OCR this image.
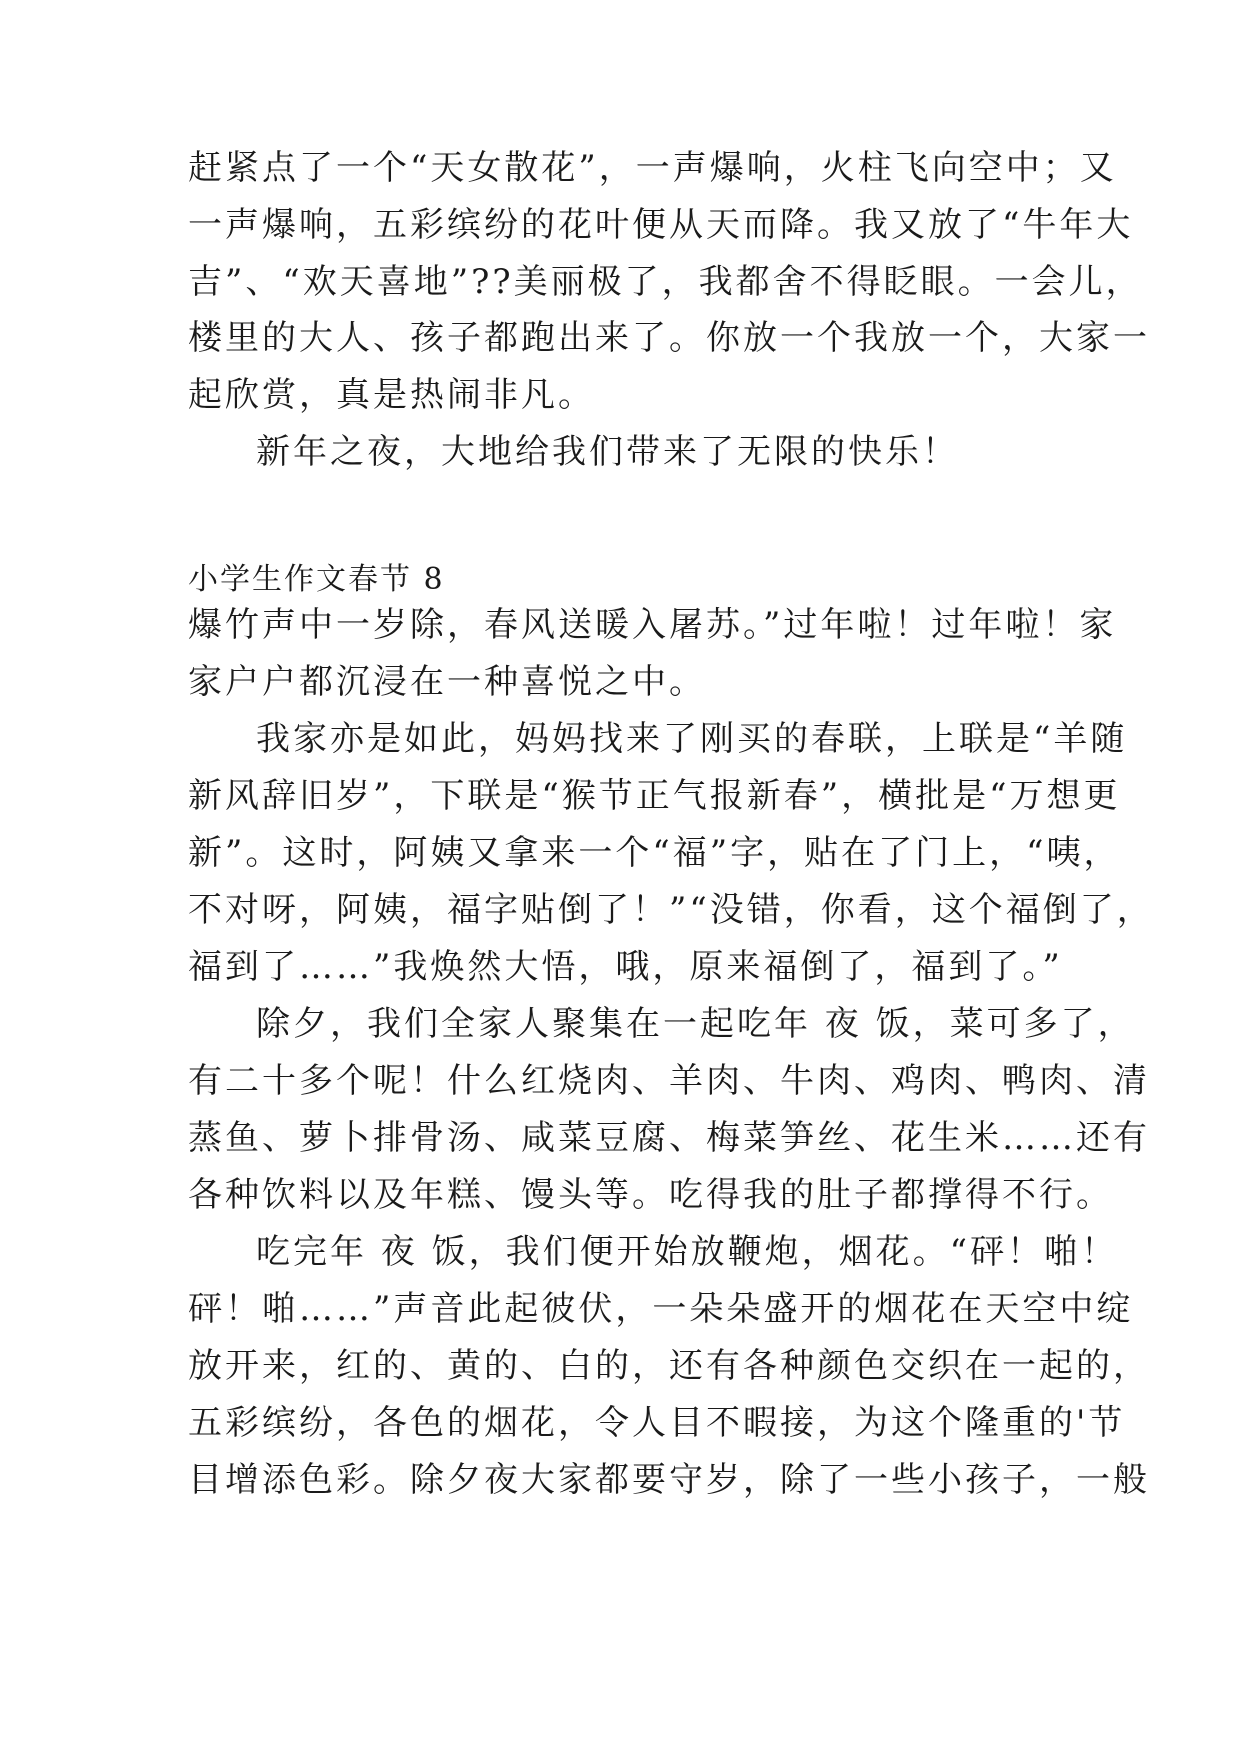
赶紧点了一个“天女散花”，一声爆响，火柱飞向空中；又
一声爆响，五彩缤纷的花叶便从天而降。我又放了“牛年大
吉”、“欢天喜地”??美丽极了，我都舍不得眨眼。一会儿，
楼里的大人、孩子都跑出来了。你放一个我放一个，大家一
起欣赏，真是热闹非凡。
新年之夜，大地给我们带来了无限的快乐！
小学生作文春节 8
爆竹声中一岁除，春风送暖入屠苏。”过年啦！过年啦！家
家户户都沉浸在一种喜悦之中。
我家亦是如此，妈妈找来了刚买的春联，上联是“羊随
新风辞旧岁”，下联是“猴节正气报新春”，横批是“万想更
新”。这时，阿姨又拿来一个“福”字，贴在了门上，“咦，
不对呀，阿姨，福字贴倒了！”“没错，你看，这个福倒了，
福到了……”我焕然大悟，哦，原来福倒了，福到了。”
除夕，我们全家人聚集在一起吃年 夜 饭，菜可多了，
有二十多个呢！什么红烧肉、羊肉、牛肉、鸡肉、鸭肉、清
蒸鱼、萝卜排骨汤、咸菜豆腐、梅菜笋丝、花生米……还有
各种饮料以及年糕、馒头等。吃得我的肚子都撑得不行。
吃完年 夜 饭，我们便开始放鞭炮，烟花。“砰！啪！
砰！啪……”声音此起彼伏，一朵朵盛开的烟花在天空中绽
放开来，红的、黄的、白的，还有各种颜色交织在一起的，
五彩缤纷，各色的烟花，令人目不暇接，为这个隆重的'节
目增添色彩。除夕夜大家都要守岁，除了一些小孩子，一般
